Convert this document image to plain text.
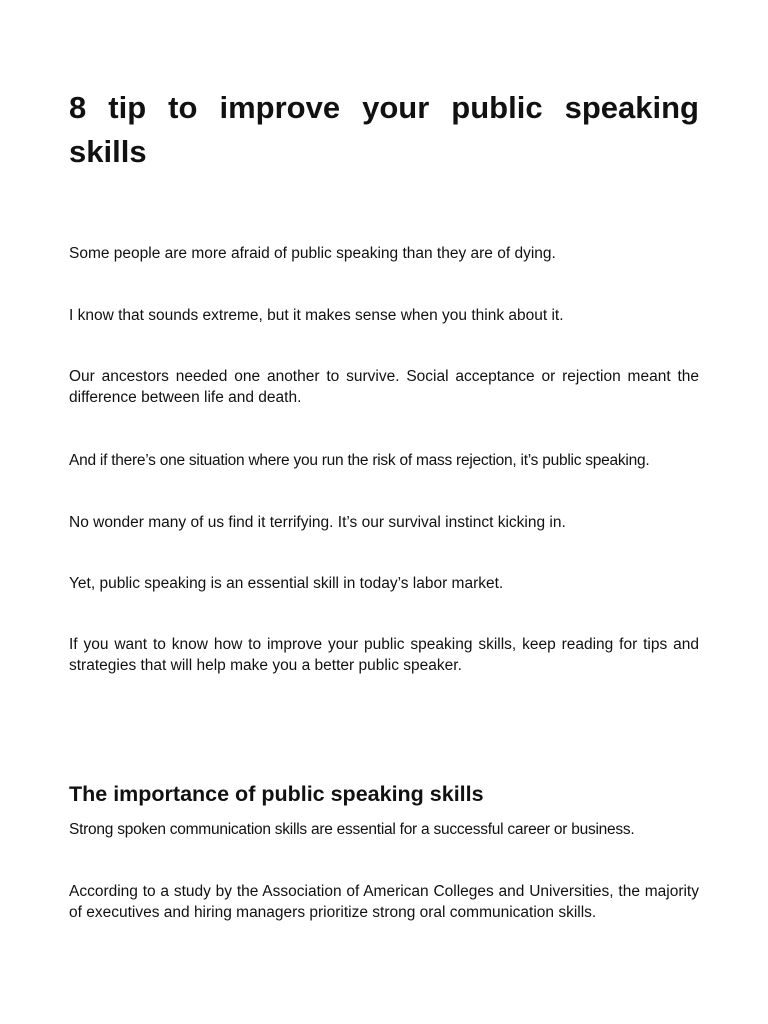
8 tip to improve your public speaking skills

Some people are more afraid of public speaking than they are of dying.

I know that sounds extreme, but it makes sense when you think about it.

Our ancestors needed one another to survive. Social acceptance or rejection meant the difference between life and death.

And if there’s one situation where you run the risk of mass rejection, it’s public speaking.

No wonder many of us find it terrifying. It’s our survival instinct kicking in.

Yet, public speaking is an essential skill in today’s labor market.

If you want to know how to improve your public speaking skills, keep reading for tips and strategies that will help make you a better public speaker.

The importance of public speaking skills

Strong spoken communication skills are essential for a successful career or business.

According to a study by the Association of American Colleges and Universities, the majority of executives and hiring managers prioritize strong oral communication skills.
